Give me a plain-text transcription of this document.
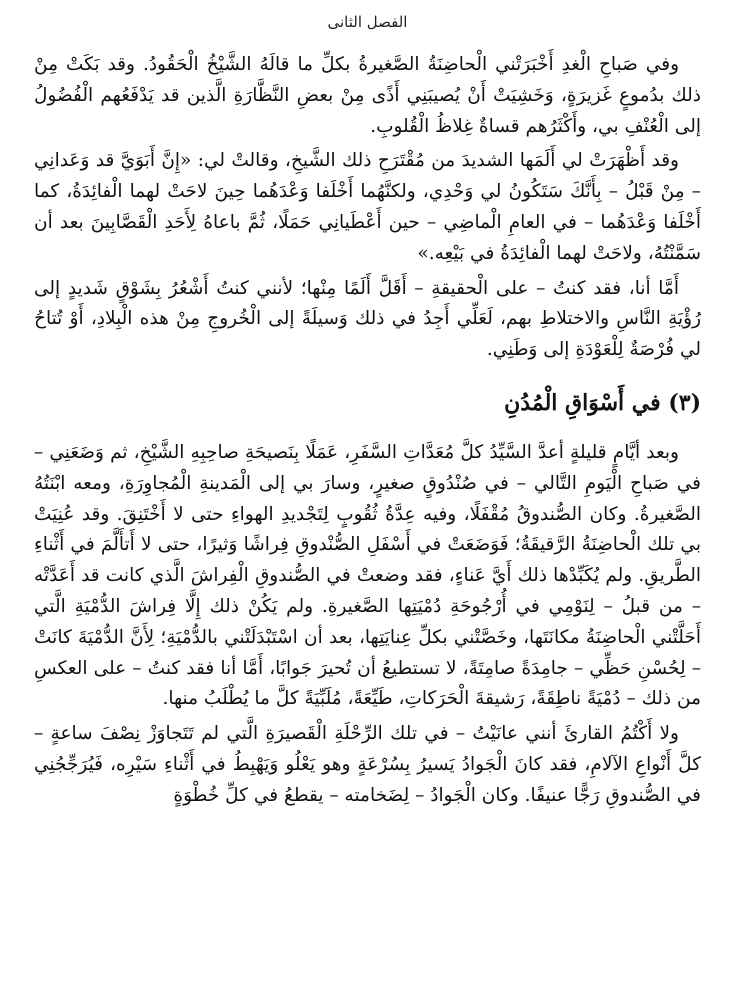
الفصل الثانى

وفي صَباحِ الْغدِ أَخْبَرَتْني الْحاضِنَةُ الصَّغيرةُ بكلِّ ما قالَهُ الشَّيْخُ الْحَقُودُ. وقد بَكَتْ مِنْ ذلك بدُموعٍ غَزيرَةٍ، وَخَشِيَتْ أَنْ يُصيبَنِي أَذًى مِنْ بعضِ النَّظَّارَةِ الَّذين قد يَدْفَعُهم الْفُضُولُ إلى الْعُنْفِ بي، وأَكْثَرُهم قساةٌ غِلاظُ الْقُلوبِ.

وقد أَظْهَرَتْ لي أَلَمَها الشديدَ من مُقْتَرَحِ ذلك الشَّيخِ، وقالتْ لي: «إِنَّ أَبَوَيَّ قد وَعَدانِي – مِنْ قَبْلُ – بِأَنَّكَ سَتَكُونُ لي وَحْدِي، ولكنَّهُما أَخْلَفا وَعْدَهُما حِينَ لاحَتْ لهما الْفائِدَةُ، كما أَخْلَفا وَعْدَهُما – في العامِ الْماضِي – حين أَعْطَيانِي حَمَلًا، ثُمَّ باعاهُ لِأَحَدِ الْقَصَّابِينَ بعد أن سَمَّنْتُهُ، ولاحَتْ لهما الْفائِدَةُ في بَيْعِه.»

أَمَّا أنا، فقد كنتُ – على الْحقيقةِ – أَقَلَّ أَلَمًا مِنْها؛ لأنني كنتُ أَشْعُرُ بِشَوْقٍ شَديدٍ إلى رُؤْيَةِ النَّاسِ والاختلاطِ بهم، لَعَلِّي أَجِدُ في ذلك وَسيلَةً إلى الْخُروجِ مِنْ هذه الْبِلادِ، أَوْ تُتاحُ لي فُرْصَةٌ لِلْعَوْدَةِ إلى وَطَنِي.

(٣) في أَسْوَاقِ الْمُدُنِ

وبعد أيَّامٍ قليلةٍ أعدَّ السَّيِّدُ كلَّ مُعَدَّاتِ السَّفَرِ، عَمَلًا بِنَصيحَةِ صاحِبِهِ الشَّيْخِ، ثم وَضَعَنِي – في صَباحِ الْيَومِ التَّالي – في صُنْدُوقٍ صغيرٍ، وسارَ بي إلى الْمَدينةِ الْمُجاوِرَةِ، ومعه ابْنَتُهُ الصَّغيرةُ. وكان الصُّندوقُ مُقْفَلًا، وفيه عِدَّةُ ثُقُوبٍ لِتَجْديدِ الهواءِ حتى لا أَخْتَنِقَ. وقد عُنِيَتْ بي تلك الْحاضِنَةُ الرَّقيقَةُ؛ فَوَضَعَتْ في أَسْفَلِ الصُّنْدوقِ فِراشًا وَثيرًا، حتى لا أَتأَلَّمَ في أَثْناءِ الطَّريقِ. ولم يُكَبِّدْها ذلك أَيَّ عَناءٍ، فقد وضعتْ في الصُّندوقِ الْفِراشَ الَّذي كانت قد أَعَدَّتْه – من قبلُ – لِنَوْمِي في أُرْجُوحَةِ دُمْيَتِها الصَّغيرةِ. ولم يَكُنْ ذلك إِلَّا فِراشَ الدُّمْيَةِ الَّتي أَحَلَّتْني الْحاضِنَةُ مكانَتَها، وخَصَّتْني بكلِّ عِنايَتِها، بعد أن اسْتَبْدَلَتْني بالدُّمْيَةِ؛ لِأَنَّ الدُّمْيَةَ كانَتْ – لِحُسْنِ حَظِّي – جامِدَةً صامِتَةً، لا تستطيعُ أن تُحيرَ جَوابًا، أَمَّا أنا فقد كنتُ – على العكسِ من ذلك – دُمْيَةً ناطِقَةً، رَشيقةَ الْحَرَكاتِ، طَيِّعَةً، مُلَبِّيَةً كلَّ ما يُطْلَبُ منها.

ولا أَكْتُمُ القارئَ أنني عانَيْتُ – في تلك الرِّحْلَةِ الْقَصيرَةِ الَّتي لم تَتَجاوَزْ نِصْفَ ساعةٍ – كلَّ أَنْواعِ الآلامِ، فقد كانَ الْجَوادُ يَسيرُ بِسُرْعَةٍ وهو يَعْلُو وَيَهْبِطُ في أَثْناءِ سَيْرِه، فَيُرَجِّجُنِي في الصُّندوقِ رَجًّا عنيفًا. وكان الْجَوادُ – لِضَخامته – يقطعُ في كلِّ خُطْوَةٍ
